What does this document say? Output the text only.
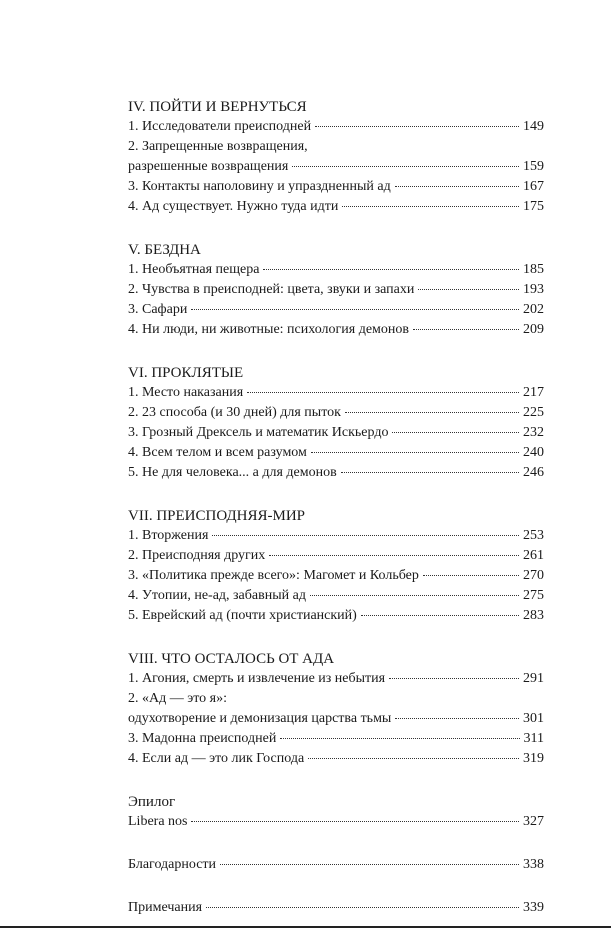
IV. ПОЙТИ И ВЕРНУТЬСЯ
1. Исследователи преисподней	149
2. Запрещенные возвращения,
разрешенные возвращения	159
3. Контакты наполовину и упраздненный ад	167
4. Ад существует. Нужно туда идти	175
V. БЕЗДНА
1. Необъятная пещера	185
2. Чувства в преисподней: цвета, звуки и запахи	193
3. Сафари	202
4. Ни люди, ни животные: психология демонов	209
VI. ПРОКЛЯТЫЕ
1. Место наказания	217
2. 23 способа (и 30 дней) для пыток	225
3. Грозный Дрексель и математик Искьердо	232
4. Всем телом и всем разумом	240
5. Не для человека... а для демонов	246
VII. ПРЕИСПОДНЯЯ-МИР
1. Вторжения	253
2. Преисподняя других	261
3. «Политика прежде всего»: Магомет и Кольбер	270
4. Утопии, не-ад, забавный ад	275
5. Еврейский ад (почти христианский)	283
VIII. ЧТО ОСТАЛОСЬ ОТ АДА
1. Агония, смерть и извлечение из небытия	291
2. «Ад — это я»:
одухотворение и демонизация царства тьмы	301
3. Мадонна преисподней	311
4. Если ад — это лик Господа	319
Эпилог
Libera nos	327
Благодарности	338
Примечания	339
